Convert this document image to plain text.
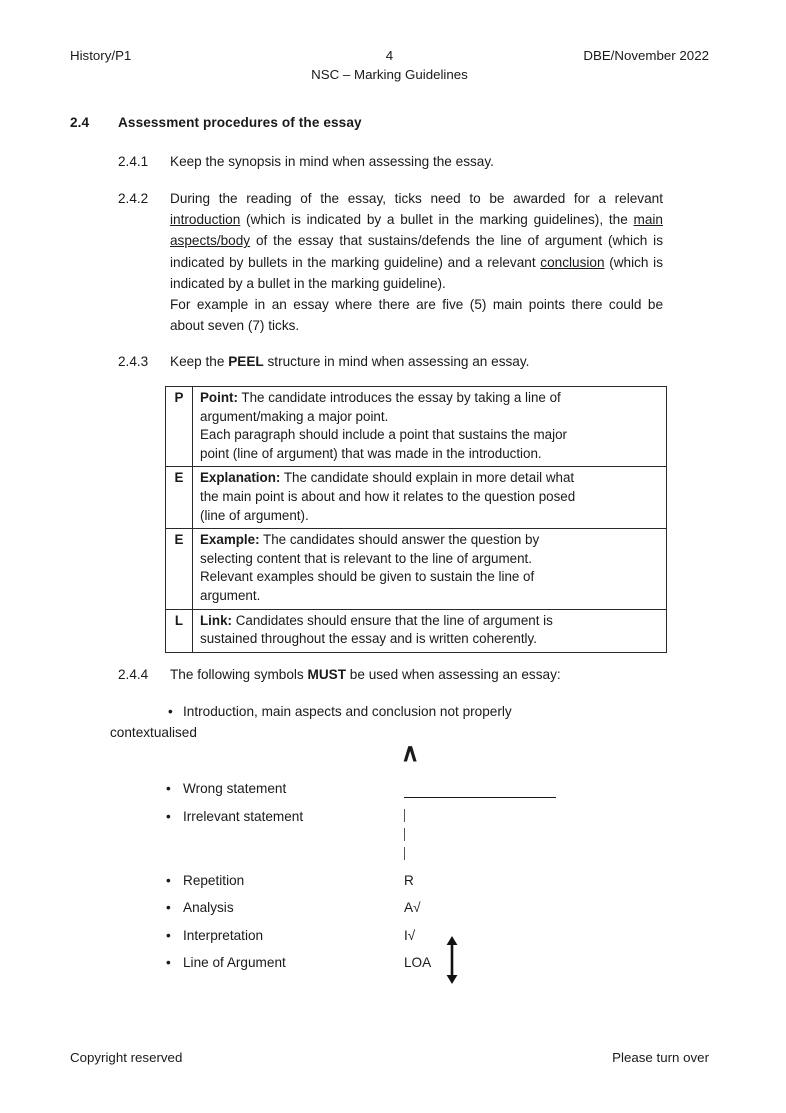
History/P1	4	DBE/November 2022
NSC – Marking Guidelines
2.4 Assessment procedures of the essay
2.4.1	Keep the synopsis in mind when assessing the essay.
2.4.2	During the reading of the essay, ticks need to be awarded for a relevant introduction (which is indicated by a bullet in the marking guidelines), the main aspects/body of the essay that sustains/defends the line of argument (which is indicated by bullets in the marking guideline) and a relevant conclusion (which is indicated by a bullet in the marking guideline).
For example in an essay where there are five (5) main points there could be about seven (7) ticks.
2.4.3	Keep the PEEL structure in mind when assessing an essay.
P	Point: The candidate introduces the essay by taking a line of
argument/making a major point.
Each paragraph should include a point that sustains the major
point (line of argument) that was made in the introduction.

E	Explanation: The candidate should explain in more detail what
the main point is about and how it relates to the question posed
(line of argument).

E	Example: The candidates should answer the question by
selecting content that is relevant to the line of argument.
Relevant examples should be given to sustain the line of
argument.

L	Link: Candidates should ensure that the line of argument is
sustained throughout the essay and is written coherently.
2.4.4	The following symbols MUST be used when assessing an essay:
• Introduction, main aspects and conclusion not properly
contextualised
∧
• Wrong statement
• Irrelevant statement
• Repetition	R
• Analysis	A√
• Interpretation	I√
• Line of Argument	LOA
Copyright reserved	Please turn over
